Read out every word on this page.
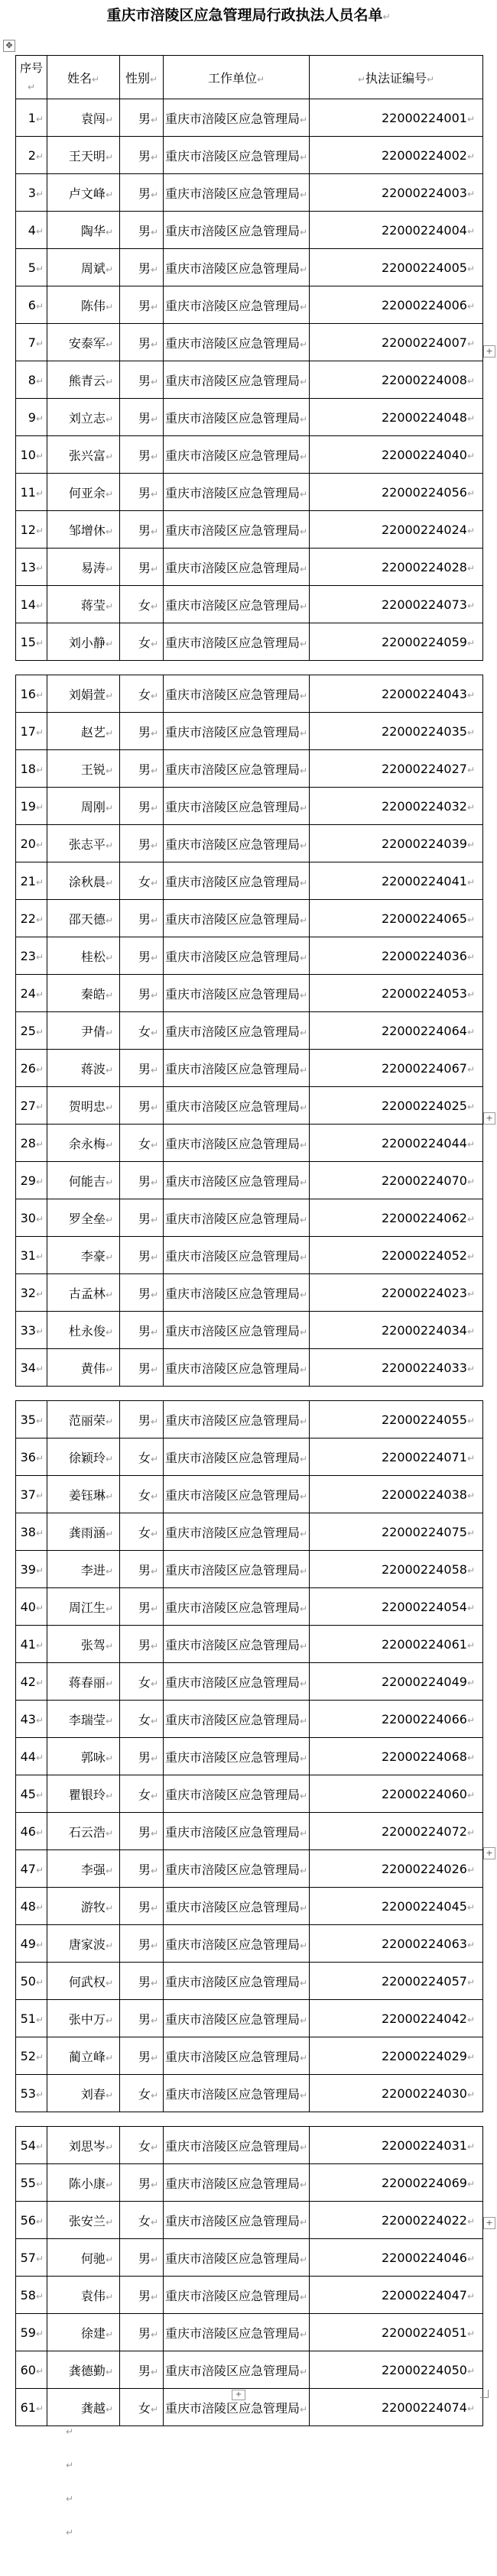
✥
重庆市涪陵区应急管理局行政执法人员名单↵
序号↵	姓名↵	性别↵	工作单位↵	↵执法证编号↵
1↵	袁闯↵	男↵	重庆市涪陵区应急管理局↵	22000224001↵
2↵	王天明↵	男↵	重庆市涪陵区应急管理局↵	22000224002↵
3↵	卢文峰↵	男↵	重庆市涪陵区应急管理局↵	22000224003↵
4↵	陶华↵	男↵	重庆市涪陵区应急管理局↵	22000224004↵
5↵	周斌↵	男↵	重庆市涪陵区应急管理局↵	22000224005↵
6↵	陈伟↵	男↵	重庆市涪陵区应急管理局↵	22000224006↵
7↵	安泰军↵	男↵	重庆市涪陵区应急管理局↵	22000224007↵
8↵	熊青云↵	男↵	重庆市涪陵区应急管理局↵	22000224008↵
9↵	刘立志↵	男↵	重庆市涪陵区应急管理局↵	22000224048↵
10↵	张兴富↵	男↵	重庆市涪陵区应急管理局↵	22000224040↵
11↵	何亚余↵	男↵	重庆市涪陵区应急管理局↵	22000224056↵
12↵	邹增休↵	男↵	重庆市涪陵区应急管理局↵	22000224024↵
13↵	易涛↵	男↵	重庆市涪陵区应急管理局↵	22000224028↵
14↵	蒋莹↵	女↵	重庆市涪陵区应急管理局↵	22000224073↵
15↵	刘小静↵	女↵	重庆市涪陵区应急管理局↵	22000224059↵

16↵	刘娟萱↵	女↵	重庆市涪陵区应急管理局↵	22000224043↵
17↵	赵艺↵	男↵	重庆市涪陵区应急管理局↵	22000224035↵
18↵	王锐↵	男↵	重庆市涪陵区应急管理局↵	22000224027↵
19↵	周刚↵	男↵	重庆市涪陵区应急管理局↵	22000224032↵
20↵	张志平↵	男↵	重庆市涪陵区应急管理局↵	22000224039↵
21↵	涂秋晨↵	女↵	重庆市涪陵区应急管理局↵	22000224041↵
22↵	邵天德↵	男↵	重庆市涪陵区应急管理局↵	22000224065↵
23↵	桂松↵	男↵	重庆市涪陵区应急管理局↵	22000224036↵
24↵	秦皓↵	男↵	重庆市涪陵区应急管理局↵	22000224053↵
25↵	尹倩↵	女↵	重庆市涪陵区应急管理局↵	22000224064↵
26↵	蒋波↵	男↵	重庆市涪陵区应急管理局↵	22000224067↵
27↵	贺明忠↵	男↵	重庆市涪陵区应急管理局↵	22000224025↵
28↵	余永梅↵	女↵	重庆市涪陵区应急管理局↵	22000224044↵
29↵	何能吉↵	男↵	重庆市涪陵区应急管理局↵	22000224070↵
30↵	罗全垒↵	男↵	重庆市涪陵区应急管理局↵	22000224062↵
31↵	李豪↵	男↵	重庆市涪陵区应急管理局↵	22000224052↵
32↵	古孟林↵	男↵	重庆市涪陵区应急管理局↵	22000224023↵
33↵	杜永俊↵	男↵	重庆市涪陵区应急管理局↵	22000224034↵
34↵	黄伟↵	男↵	重庆市涪陵区应急管理局↵	22000224033↵

35↵	范丽荣↵	男↵	重庆市涪陵区应急管理局↵	22000224055↵
36↵	徐颖玲↵	女↵	重庆市涪陵区应急管理局↵	22000224071↵
37↵	姜钰琳↵	女↵	重庆市涪陵区应急管理局↵	22000224038↵
38↵	龚雨涵↵	女↵	重庆市涪陵区应急管理局↵	22000224075↵
39↵	李进↵	男↵	重庆市涪陵区应急管理局↵	22000224058↵
40↵	周江生↵	男↵	重庆市涪陵区应急管理局↵	22000224054↵
41↵	张驾↵	男↵	重庆市涪陵区应急管理局↵	22000224061↵
42↵	蒋春丽↵	女↵	重庆市涪陵区应急管理局↵	22000224049↵
43↵	李瑞莹↵	女↵	重庆市涪陵区应急管理局↵	22000224066↵
44↵	郭咏↵	男↵	重庆市涪陵区应急管理局↵	22000224068↵
45↵	瞿银玲↵	女↵	重庆市涪陵区应急管理局↵	22000224060↵
46↵	石云浩↵	男↵	重庆市涪陵区应急管理局↵	22000224072↵
47↵	李强↵	男↵	重庆市涪陵区应急管理局↵	22000224026↵
48↵	游牧↵	男↵	重庆市涪陵区应急管理局↵	22000224045↵
49↵	唐家波↵	男↵	重庆市涪陵区应急管理局↵	22000224063↵
50↵	何武权↵	男↵	重庆市涪陵区应急管理局↵	22000224057↵
51↵	张中万↵	男↵	重庆市涪陵区应急管理局↵	22000224042↵
52↵	蔺立峰↵	男↵	重庆市涪陵区应急管理局↵	22000224029↵
53↵	刘春↵	女↵	重庆市涪陵区应急管理局↵	22000224030↵

54↵	刘思岑↵	女↵	重庆市涪陵区应急管理局↵	22000224031↵
55↵	陈小康↵	男↵	重庆市涪陵区应急管理局↵	22000224069↵
56↵	张安兰↵	女↵	重庆市涪陵区应急管理局↵	22000224022↵
57↵	何驰↵	男↵	重庆市涪陵区应急管理局↵	22000224046↵
58↵	袁伟↵	男↵	重庆市涪陵区应急管理局↵	22000224047↵
59↵	徐建↵	男↵	重庆市涪陵区应急管理局↵	22000224051↵
60↵	龚德勤↵	男↵	重庆市涪陵区应急管理局↵	22000224050↵
61↵	龚越↵	女↵	重庆市涪陵区应急管理局↵	22000224074↵
+
+
+
+
+
↵
↵
↵
↵
